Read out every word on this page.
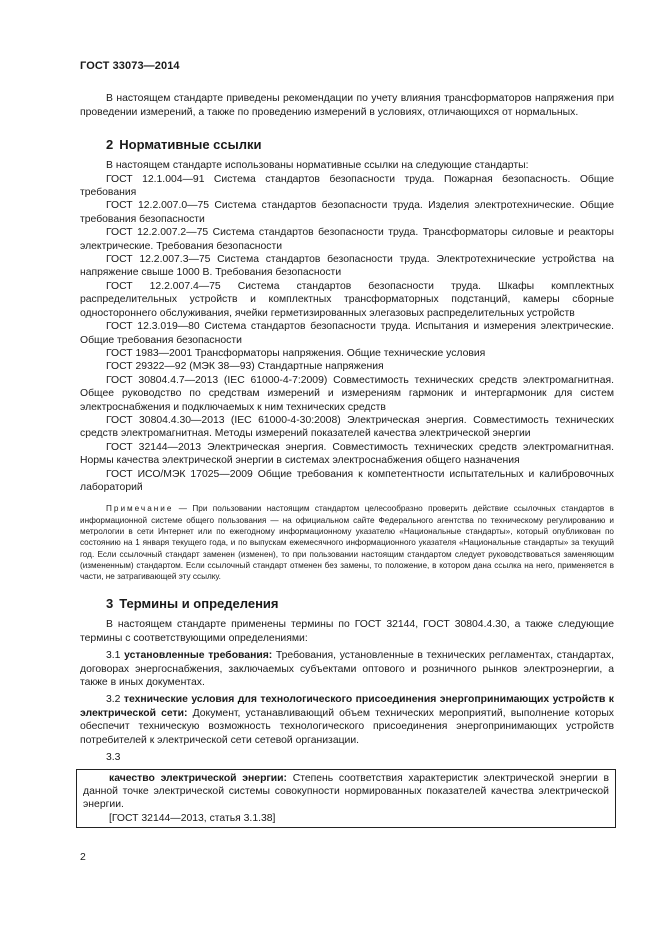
ГОСТ 33073—2014

В настоящем стандарте приведены рекомендации по учету влияния трансформаторов напряжения при проведении измерений, а также по проведению измерений в условиях, отличающихся от нормальных.

2 Нормативные ссылки

В настоящем стандарте использованы нормативные ссылки на следующие стандарты:

ГОСТ 12.1.004—91 Система стандартов безопасности труда. Пожарная безопасность. Общие требования

ГОСТ 12.2.007.0—75 Система стандартов безопасности труда. Изделия электротехнические. Общие требования безопасности

ГОСТ 12.2.007.2—75 Система стандартов безопасности труда. Трансформаторы силовые и реакторы электрические. Требования безопасности

ГОСТ 12.2.007.3—75 Система стандартов безопасности труда. Электротехнические устройства на напряжение свыше 1000 В. Требования безопасности

ГОСТ 12.2.007.4—75 Система стандартов безопасности труда. Шкафы комплектных распределительных устройств и комплектных трансформаторных подстанций, камеры сборные одностороннего обслуживания, ячейки герметизированных элегазовых распределительных устройств

ГОСТ 12.3.019—80 Система стандартов безопасности труда. Испытания и измерения электрические. Общие требования безопасности

ГОСТ 1983—2001 Трансформаторы напряжения. Общие технические условия

ГОСТ 29322—92 (МЭК 38—93) Стандартные напряжения

ГОСТ 30804.4.7—2013 (IEC 61000-4-7:2009) Совместимость технических средств электромагнитная. Общее руководство по средствам измерений и измерениям гармоник и интергармоник для систем электроснабжения и подключаемых к ним технических средств

ГОСТ 30804.4.30—2013 (IEC 61000-4-30:2008) Электрическая энергия. Совместимость технических средств электромагнитная. Методы измерений показателей качества электрической энергии

ГОСТ 32144—2013 Электрическая энергия. Совместимость технических средств электромагнитная. Нормы качества электрической энергии в системах электроснабжения общего назначения

ГОСТ ИСО/МЭК 17025—2009 Общие требования к компетентности испытательных и калибровочных лабораторий

Примечание — При пользовании настоящим стандартом целесообразно проверить действие ссылочных стандартов в информационной системе общего пользования — на официальном сайте Федерального агентства по техническому регулированию и метрологии в сети Интернет или по ежегодному информационному указателю «Национальные стандарты», который опубликован по состоянию на 1 января текущего года, и по выпускам ежемесячного информационного указателя «Национальные стандарты» за текущий год. Если ссылочный стандарт заменен (изменен), то при пользовании настоящим стандартом следует руководствоваться заменяющим (измененным) стандартом. Если ссылочный стандарт отменен без замены, то положение, в котором дана ссылка на него, применяется в части, не затрагивающей эту ссылку.

3 Термины и определения

В настоящем стандарте применены термины по ГОСТ 32144, ГОСТ 30804.4.30, а также следующие термины с соответствующими определениями:

3.1 установленные требования: Требования, установленные в технических регламентах, стандартах, договорах энергоснабжения, заключаемых субъектами оптового и розничного рынков электроэнергии, а также в иных документах.

3.2 технические условия для технологического присоединения энергопринимающих устройств к электрической сети: Документ, устанавливающий объем технических мероприятий, выполнение которых обеспечит техническую возможность технологического присоединения энергопринимающих устройств потребителей к электрической сети сетевой организации.

3.3

качество электрической энергии: Степень соответствия характеристик электрической энергии в данной точке электрической системы совокупности нормированных показателей качества электрической энергии.

[ГОСТ 32144—2013, статья 3.1.38]

2
